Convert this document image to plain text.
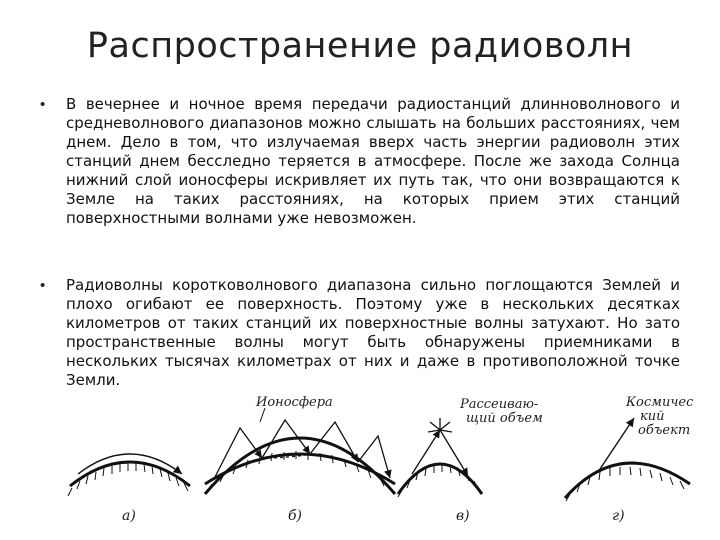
Распространение радиоволн
•	В вечернее и ночное время передачи радиостанций длинноволнового и средневолнового диапазонов можно слышать на больших расстояниях, чем днем. Дело в том, что излучаемая вверх часть энергии радиоволн этих станций днем бесследно теряется в атмосфере. После же захода Солнца нижний слой ионосферы искривляет их путь так, что они возвращаются к Земле на таких расстояниях, на которых прием этих станций поверхностными волнами уже невозможен.
•	Радиоволны коротковолнового диапазона сильно поглощаются Землей и плохо огибают ее поверхность. Поэтому уже в нескольких десятках километров от таких станций их поверхностные волны затухают. Но зато пространственные волны могут быть обнаружены приемниками в нескольких тысячах километрах от них и даже в противоположной точке Земли.
а)
Ионосфера
б)
Рассеиваю-
щий объем
в)
Космичес
кий
объект
г)
